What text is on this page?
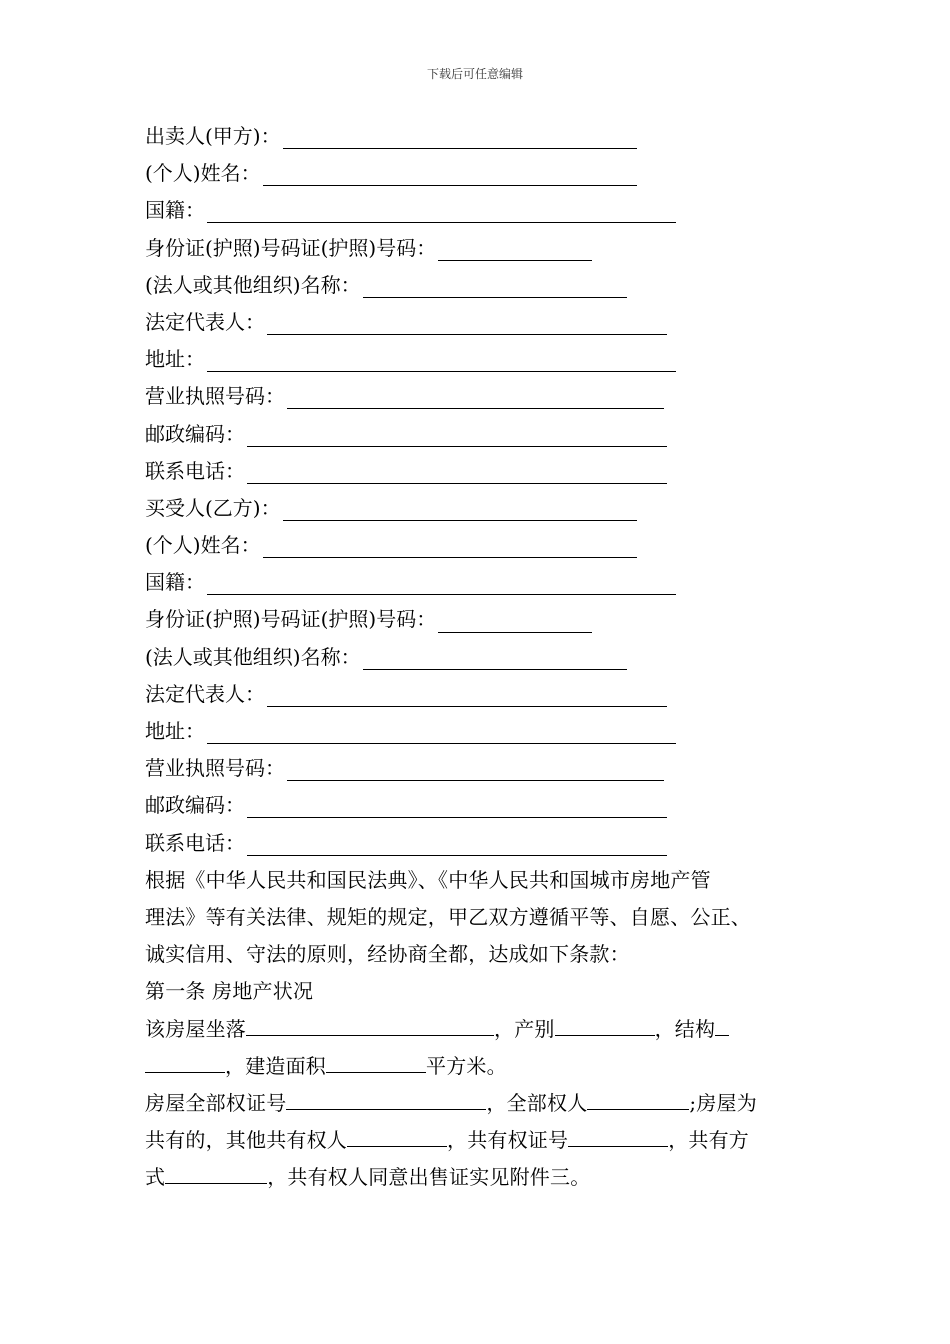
下载后可任意编辑
出卖人(甲方)：
(个人)姓名：
国籍：
身份证(护照)号码证(护照)号码：
(法人或其他组织)名称：
法定代表人：
地址：
营业执照号码：
邮政编码：
联系电话：
买受人(乙方)：
(个人)姓名：
国籍：
身份证(护照)号码证(护照)号码：
(法人或其他组织)名称：
法定代表人：
地址：
营业执照号码：
邮政编码：
联系电话：
根据《中华人民共和国民法典》、《中华人民共和国城市房地产管
理法》等有关法律、规矩的规定，甲乙双方遵循平等、自愿、公正、
诚实信用、守法的原则，经协商全都，达成如下条款：
第一条 房地产状况
该房屋坐落	，产别	，结构
，建造面积	平方米。
房屋全部权证号	，全部权人	;房屋为
共有的，其他共有权人	，共有权证号	，共有方
式	，共有权人同意出售证实见附件三。
